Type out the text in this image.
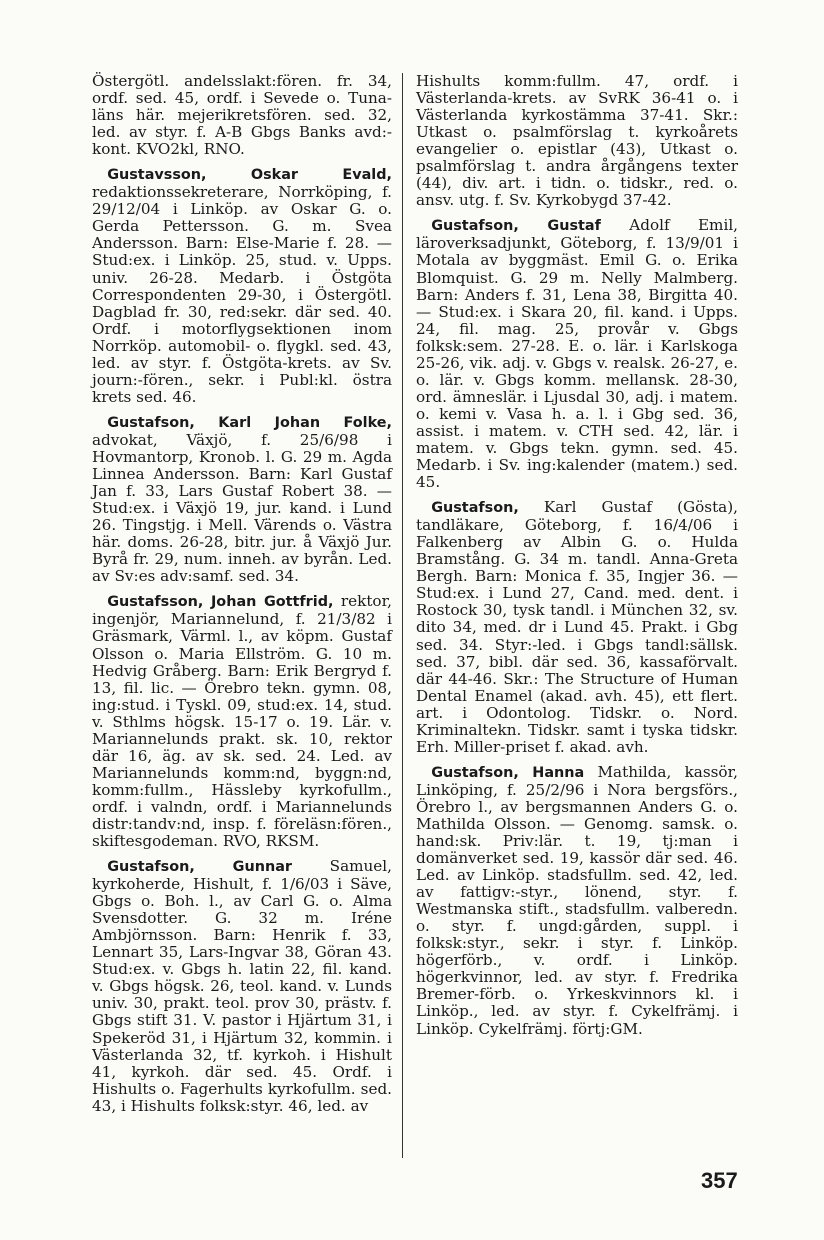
Östergötl. andelsslakt:fören. fr. 34, ordf. sed. 45, ordf. i Sevede o. Tuna-läns här. mejerikretsfören. sed. 32, led. av styr. f. A-B Gbgs Banks avd:-kont. KVO2kl, RNO.

 Gustavsson, Oskar Evald, redaktionssekreterare, Norrköping, f. 29/12/04 i Linköp. av Oskar G. o. Gerda Pettersson. G. m. Svea Andersson. Barn: Else-Marie f. 28. — Stud:ex. i Linköp. 25, stud. v. Upps. univ. 26-28. Medarb. i Östgöta Correspondenten 29-30, i Östergötl. Dagblad fr. 30, red:sekr. där sed. 40. Ordf. i motorflygsektionen inom Norrköp. automobil- o. flygkl. sed. 43, led. av styr. f. Östgöta-krets. av Sv. journ:-fören., sekr. i Publ:kl. östra krets sed. 46.

 Gustafson, Karl Johan Folke, advokat, Växjö, f. 25/6/98 i Hovmantorp, Kronob. l. G. 29 m. Agda Linnea Andersson. Barn: Karl Gustaf Jan f. 33, Lars Gustaf Robert 38. — Stud:ex. i Växjö 19, jur. kand. i Lund 26. Tingstjg. i Mell. Värends o. Västra här. doms. 26-28, bitr. jur. å Växjö Jur. Byrå fr. 29, num. inneh. av byrån. Led. av Sv:es adv:samf. sed. 34.

 Gustafsson, Johan Gottfrid, rektor, ingenjör, Mariannelund, f. 21/3/82 i Gräsmark, Värml. l., av köpm. Gustaf Olsson o. Maria Ellström. G. 10 m. Hedvig Gråberg. Barn: Erik Bergryd f. 13, fil. lic. — Örebro tekn. gymn. 08, ing:stud. i Tyskl. 09, stud:ex. 14, stud. v. Sthlms högsk. 15-17 o. 19. Lär. v. Mariannelunds prakt. sk. 10, rektor där 16, äg. av sk. sed. 24. Led. av Mariannelunds komm:nd, byggn:nd, komm:fullm., Hässleby kyrkofullm., ordf. i valndn, ordf. i Mariannelunds distr:tandv:nd, insp. f. föreläsn:fören., skiftesgodeman. RVO, RKSM.

 Gustafson, Gunnar Samuel, kyrkoherde, Hishult, f. 1/6/03 i Säve, Gbgs o. Boh. l., av Carl G. o. Alma Svensdotter. G. 32 m. Iréne Ambjörnsson. Barn: Henrik f. 33, Lennart 35, Lars-Ingvar 38, Göran 43. Stud:ex. v. Gbgs h. latin 22, fil. kand. v. Gbgs högsk. 26, teol. kand. v. Lunds univ. 30, prakt. teol. prov 30, prästv. f. Gbgs stift 31. V. pastor i Hjärtum 31, i Spekeröd 31, i Hjärtum 32, kommin. i Västerlanda 32, tf. kyrkoh. i Hishult 41, kyrkoh. där sed. 45. Ordf. i Hishults o. Fagerhults kyrkofullm. sed. 43, i Hishults folksk:styr. 46, led. av

Hishults komm:fullm. 47, ordf. i Västerlanda-krets. av SvRK 36-41 o. i Västerlanda kyrkostämma 37-41. Skr.: Utkast o. psalmförslag t. kyrkoårets evangelier o. epistlar (43), Utkast o. psalmförslag t. andra årgångens texter (44), div. art. i tidn. o. tidskr., red. o. ansv. utg. f. Sv. Kyrkobygd 37-42.

 Gustafson, Gustaf Adolf Emil, läroverksadjunkt, Göteborg, f. 13/9/01 i Motala av byggmäst. Emil G. o. Erika Blomquist. G. 29 m. Nelly Malmberg. Barn: Anders f. 31, Lena 38, Birgitta 40. — Stud:ex. i Skara 20, fil. kand. i Upps. 24, fil. mag. 25, provår v. Gbgs folksk:sem. 27-28. E. o. lär. i Karlskoga 25-26, vik. adj. v. Gbgs v. realsk. 26-27, e. o. lär. v. Gbgs komm. mellansk. 28-30, ord. ämneslär. i Ljusdal 30, adj. i matem. o. kemi v. Vasa h. a. l. i Gbg sed. 36, assist. i matem. v. CTH sed. 42, lär. i matem. v. Gbgs tekn. gymn. sed. 45. Medarb. i Sv. ing:kalender (matem.) sed. 45.

 Gustafson, Karl Gustaf (Gösta), tandläkare, Göteborg, f. 16/4/06 i Falkenberg av Albin G. o. Hulda Bramstång. G. 34 m. tandl. Anna-Greta Bergh. Barn: Monica f. 35, Ingjer 36. — Stud:ex. i Lund 27, Cand. med. dent. i Rostock 30, tysk tandl. i München 32, sv. dito 34, med. dr i Lund 45. Prakt. i Gbg sed. 34. Styr:-led. i Gbgs tandl:sällsk. sed. 37, bibl. där sed. 36, kassaförvalt. där 44-46. Skr.: The Structure of Human Dental Enamel (akad. avh. 45), ett flert. art. i Odontolog. Tidskr. o. Nord. Kriminaltekn. Tidskr. samt i tyska tidskr. Erh. Miller-priset f. akad. avh.

 Gustafson, Hanna Mathilda, kassör, Linköping, f. 25/2/96 i Nora bergsförs., Örebro l., av bergsmannen Anders G. o. Mathilda Olsson. — Genomg. samsk. o. hand:sk. Priv:lär. t. 19, tj:man i domänverket sed. 19, kassör där sed. 46. Led. av Linköp. stadsfullm. sed. 42, led. av fattigv:-styr., lönend, styr. f. Westmanska stift., stadsfullm. valberedn. o. styr. f. ungd:gården, suppl. i folksk:styr., sekr. i styr. f. Linköp. högerförb., v. ordf. i Linköp. högerkvinnor, led. av styr. f. Fredrika Bremer-förb. o. Yrkeskvinnors kl. i Linköp., led. av styr. f. Cykelfrämj. i Linköp. Cykelfrämj. förtj:GM.

357
